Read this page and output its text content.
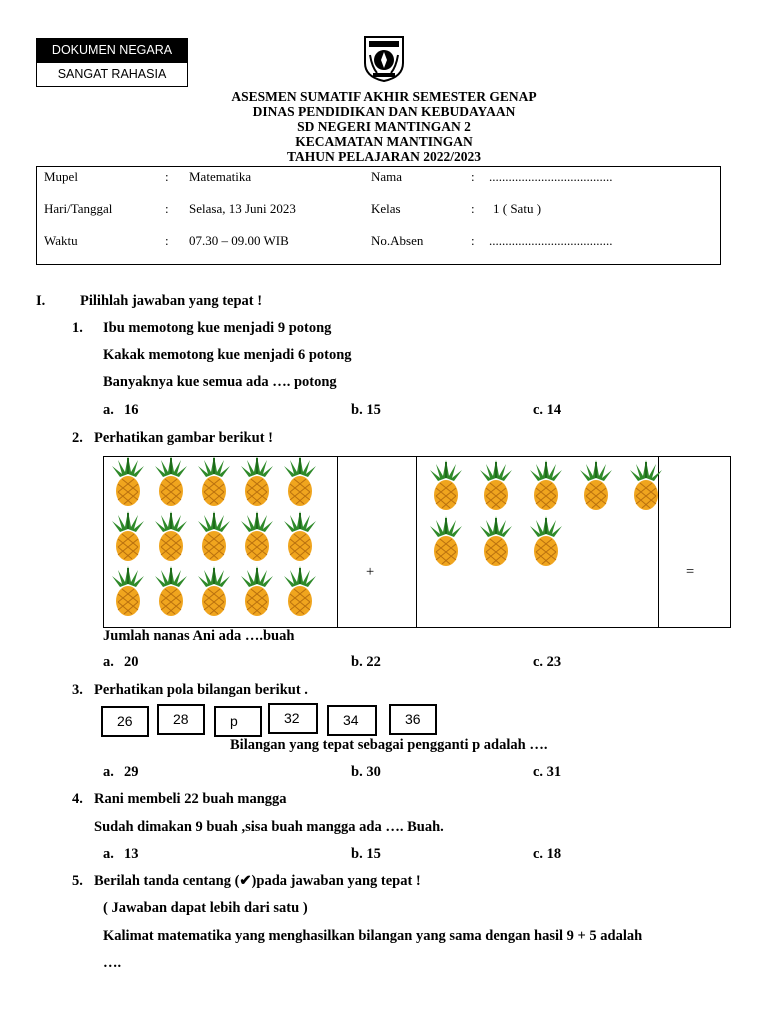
DOKUMEN NEGARA
SANGAT RAHASIA
ASESMEN SUMATIF AKHIR SEMESTER GENAP
DINAS PENDIDIKAN DAN KEBUDAYAAN
SD NEGERI MANTINGAN 2
KECAMATAN MANTINGAN
TAHUN PELAJARAN 2022/2023
Mupel	: Matematika	Nama	: ......................................
Hari/Tanggal	: Selasa, 13 Juni 2023	Kelas	: 1 ( Satu )
Waktu	: 07.30 – 09.00 WIB	No.Absen	: ......................................
I. Pilihlah jawaban yang tepat !
1. Ibu memotong kue menjadi 9 potong
Kakak memotong kue menjadi 6 potong
Banyaknya kue semua ada …. potong
a. 16	b. 15	c. 14
2. Perhatikan gambar berikut !
+	=
Jumlah nanas Ani ada ….buah
a. 20	b. 22	c. 23
3. Perhatikan pola bilangan berikut .
26	28	p	32	34	36
Bilangan yang tepat sebagai pengganti p adalah ….
a. 29	b. 30	c. 31
4. Rani membeli 22 buah mangga
Sudah dimakan 9 buah ,sisa buah mangga ada …. Buah.
a. 13	b. 15	c. 18
5. Berilah tanda centang (✔)pada jawaban yang tepat !
( Jawaban dapat lebih dari satu )
Kalimat matematika yang menghasilkan bilangan yang sama dengan hasil 9 + 5 adalah
….
